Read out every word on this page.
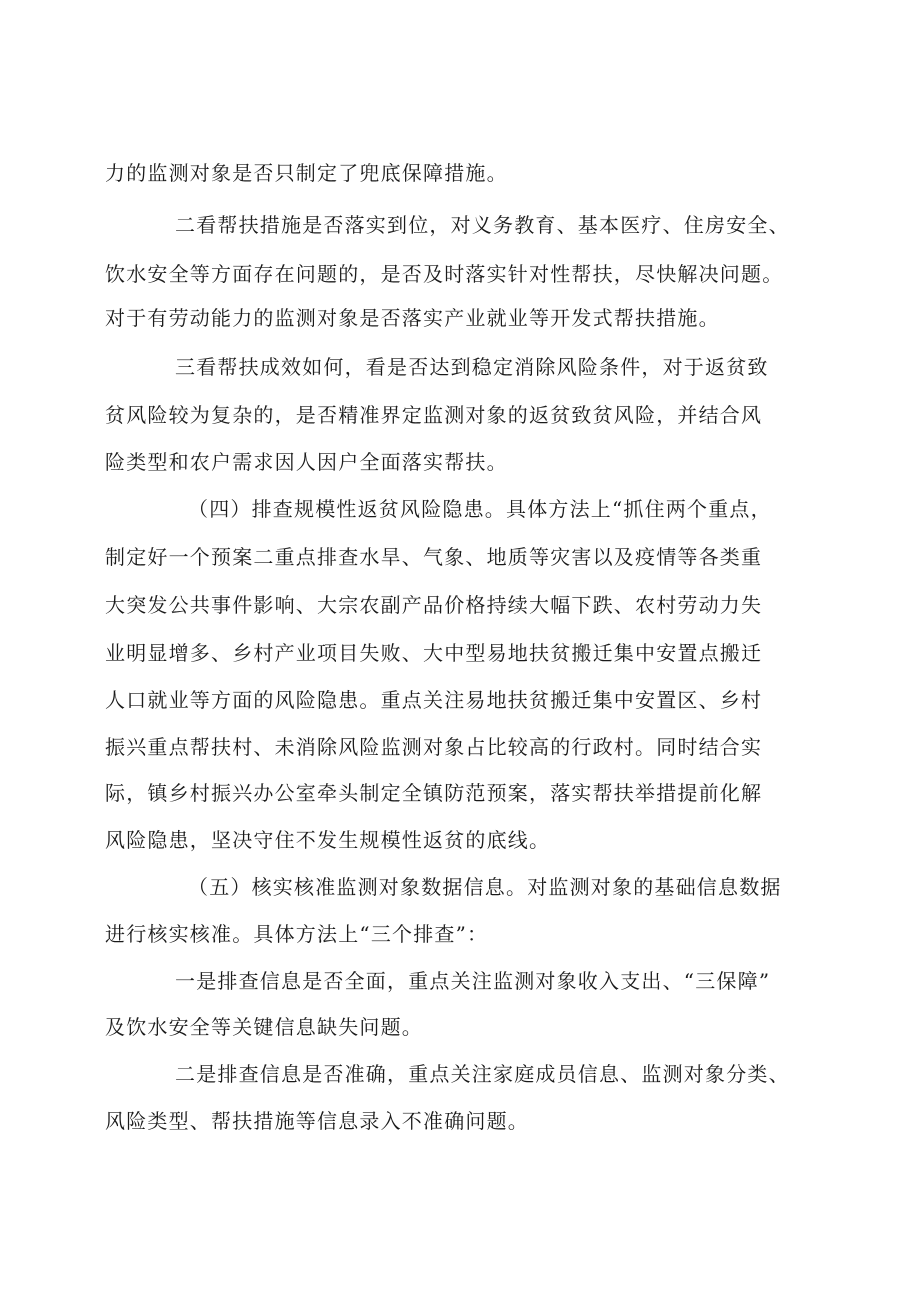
力的监测对象是否只制定了兜底保障措施。
二看帮扶措施是否落实到位，对义务教育、基本医疗、住房安全、
饮水安全等方面存在问题的，是否及时落实针对性帮扶，尽快解决问题。
对于有劳动能力的监测对象是否落实产业就业等开发式帮扶措施。
三看帮扶成效如何，看是否达到稳定消除风险条件，对于返贫致
贫风险较为复杂的，是否精准界定监测对象的返贫致贫风险，并结合风
险类型和农户需求因人因户全面落实帮扶。
（四）排查规模性返贫风险隐患。具体方法上“抓住两个重点，
制定好一个预案二重点排查水旱、气象、地质等灾害以及疫情等各类重
大突发公共事件影响、大宗农副产品价格持续大幅下跌、农村劳动力失
业明显增多、乡村产业项目失败、大中型易地扶贫搬迁集中安置点搬迁
人口就业等方面的风险隐患。重点关注易地扶贫搬迁集中安置区、乡村
振兴重点帮扶村、未消除风险监测对象占比较高的行政村。同时结合实
际，镇乡村振兴办公室牵头制定全镇防范预案，落实帮扶举措提前化解
风险隐患，坚决守住不发生规模性返贫的底线。
（五）核实核准监测对象数据信息。对监测对象的基础信息数据
进行核实核准。具体方法上“三个排查”：
一是排查信息是否全面，重点关注监测对象收入支出、“三保障”
及饮水安全等关键信息缺失问题。
二是排查信息是否准确，重点关注家庭成员信息、监测对象分类、
风险类型、帮扶措施等信息录入不准确问题。
